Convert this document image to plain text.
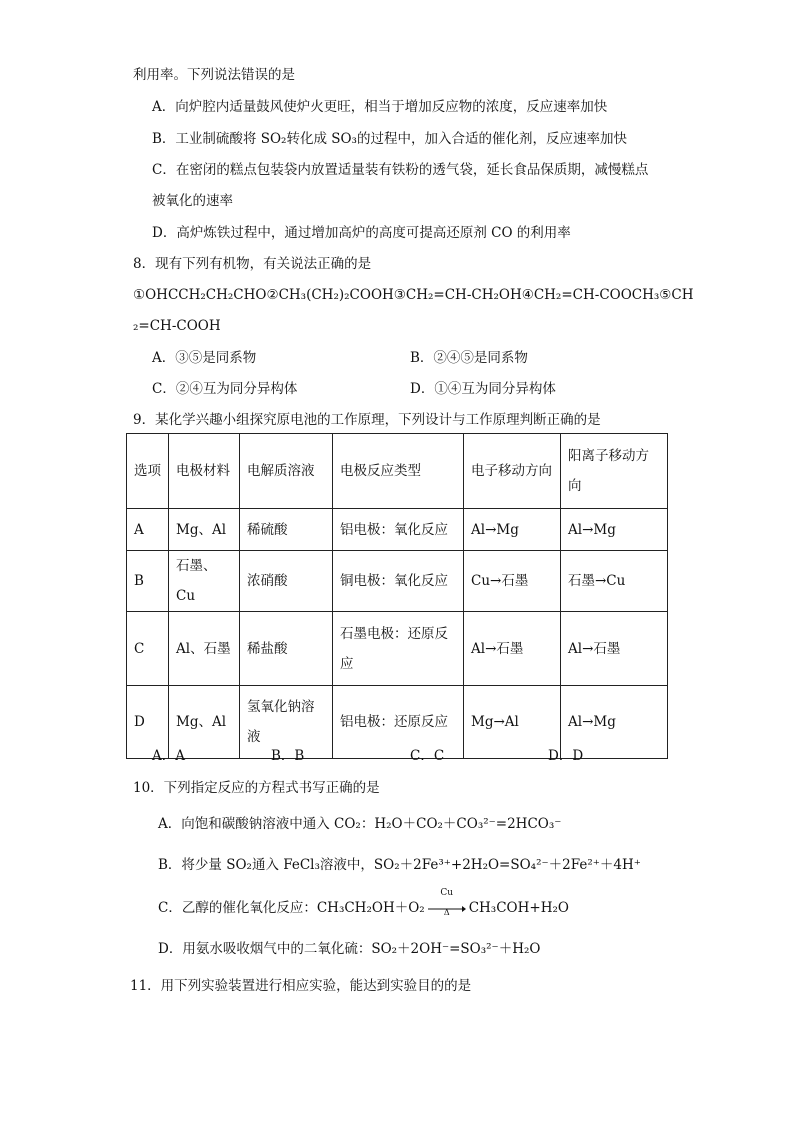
利用率。下列说法错误的是
A．向炉腔内适量鼓风使炉火更旺，相当于增加反应物的浓度，反应速率加快
B．工业制硫酸将 SO₂转化成 SO₃的过程中，加入合适的催化剂，反应速率加快
C．在密闭的糕点包装袋内放置适量装有铁粉的透气袋，延长食品保质期，减慢糕点
被氧化的速率
D．高炉炼铁过程中，通过增加高炉的高度可提高还原剂 CO 的利用率
8．现有下列有机物，有关说法正确的是
①OHCCH₂CH₂CHO②CH₃(CH₂)₂COOH③CH₂=CH-CH₂OH④CH₂=CH-COOCH₃⑤CH
₂=CH-COOH
A．③⑤是同系物	B．②④⑤是同系物
C．②④互为同分异构体	D．①④互为同分异构体
9．某化学兴趣小组探究原电池的工作原理，下列设计与工作原理判断正确的是
选项	电极材料	电解质溶液	电极反应类型	电子移动方向	阳离子移动方向
A	Mg、Al	稀硫酸	铝电极：氧化反应	Al→Mg	Al→Mg
B	石墨、Cu	浓硝酸	铜电极：氧化反应	Cu→石墨	石墨→Cu
C	Al、石墨	稀盐酸	石墨电极：还原反应	Al→石墨	Al→石墨
D	Mg、Al	氢氧化钠溶液	铝电极：还原反应	Mg→Al	Al→Mg
A．A	B．B	C．C	D．D
10．下列指定反应的方程式书写正确的是
A．向饱和碳酸钠溶液中通入 CO₂：H₂O＋CO₂＋CO₃²⁻=2HCO₃⁻
B．将少量 SO₂通入 FeCl₃溶液中，SO₂＋2Fe³⁺+2H₂O=SO₄²⁻＋2Fe²⁺＋4H⁺
C．乙醇的催化氧化反应：CH₃CH₂OH＋O₂
Cu
Δ	CH₃COH+H₂O
D．用氨水吸收烟气中的二氧化硫：SO₂＋2OH⁻=SO₃²⁻＋H₂O
11．用下列实验装置进行相应实验，能达到实验目的的是
